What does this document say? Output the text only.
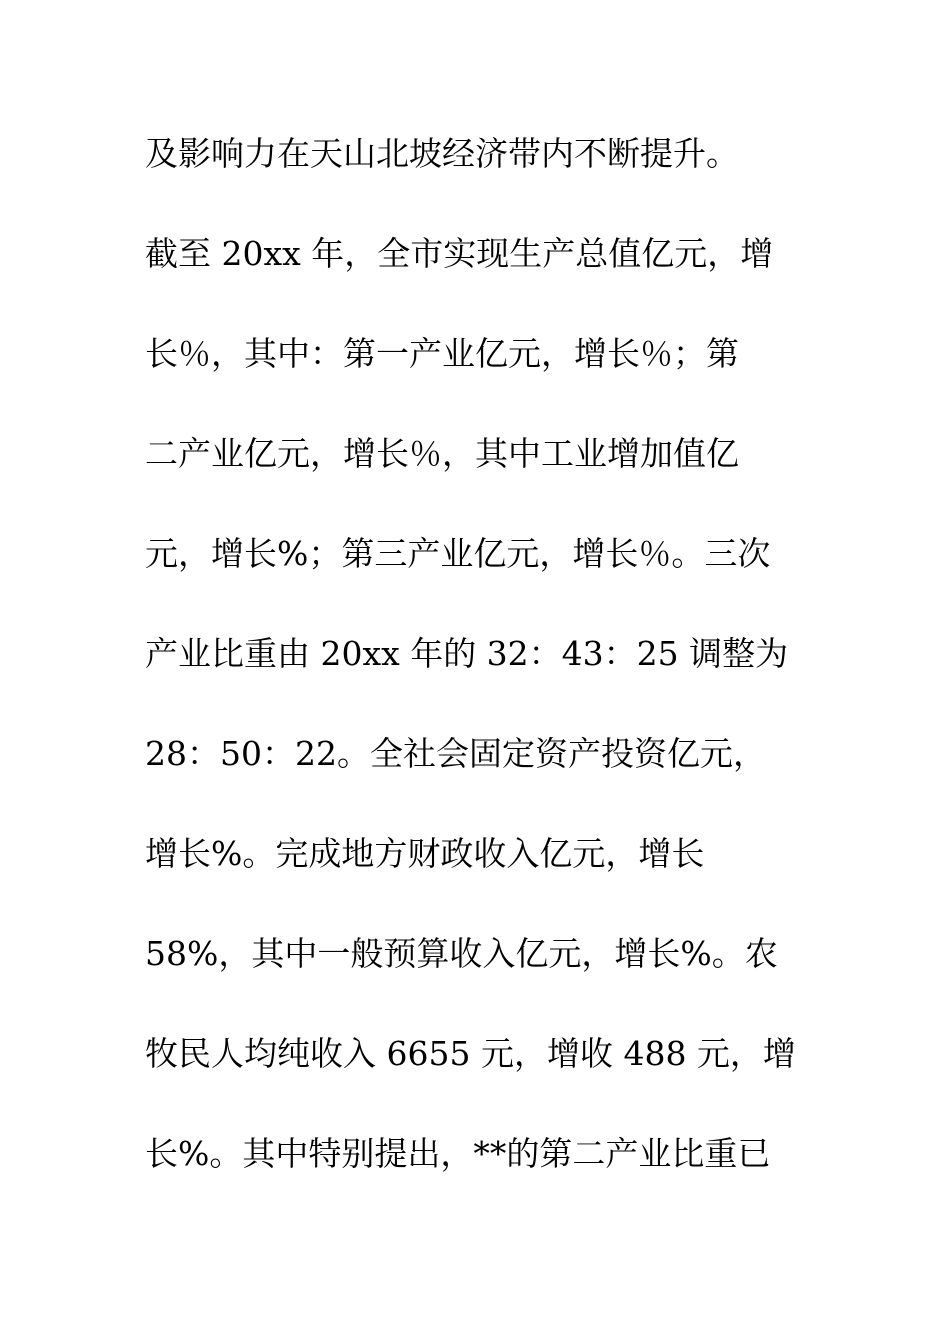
及影响力在天山北坡经济带内不断提升。
截至 20xx 年，全市实现生产总值亿元，增
长％，其中：第一产业亿元，增长％；第
二产业亿元，增长％，其中工业增加值亿
元，增长%；第三产业亿元，增长％。三次
产业比重由 20xx 年的 32：43：25 调整为
28：50：22。全社会固定资产投资亿元，
增长%。完成地方财政收入亿元，增长
58%，其中一般预算收入亿元，增长%。农
牧民人均纯收入 6655 元，增收 488 元，增
长%。其中特别提出，**的第二产业比重已
